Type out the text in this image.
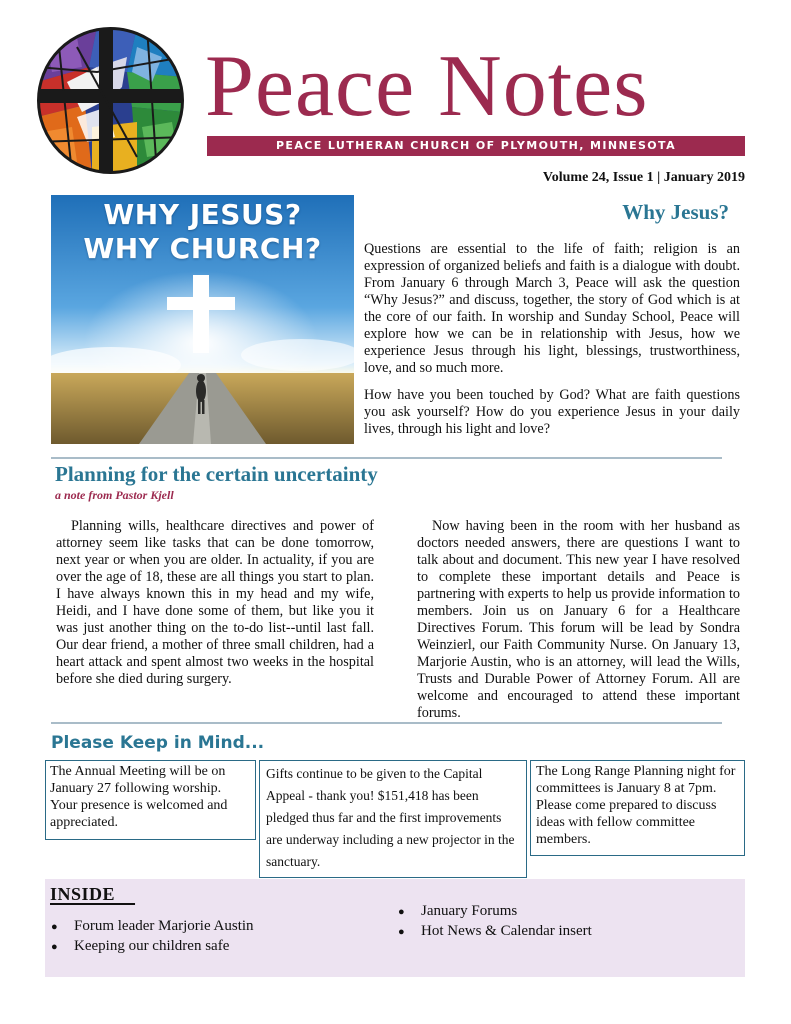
Peace Notes
PEACE LUTHERAN CHURCH OF PLYMOUTH, MINNESOTA
Volume 24, Issue 1 | January 2019
WHY JESUS?
WHY CHURCH?
Why Jesus?
Questions are essential to the life of faith; religion is an expression of organized beliefs and faith is a dialogue with doubt. From January 6 through March 3, Peace will ask the question “Why Jesus?” and discuss, together, the story of God which is at the core of our faith. In worship and Sunday School, Peace will explore how we can be in relationship with Jesus, how we experience Jesus through his light, blessings, trustworthiness, love, and so much more.
How have you been touched by God? What are faith questions you ask yourself? How do you experience Jesus in your daily lives, through his light and love?
Planning for the certain uncertainty
a note from Pastor Kjell
Planning wills, healthcare directives and power of attorney seem like tasks that can be done tomorrow, next year or when you are older. In actuality, if you are over the age of 18, these are all things you start to plan. I have always known this in my head and my wife, Heidi, and I have done some of them, but like you it was just another thing on the to-do list--until last fall. Our dear friend, a mother of three small children, had a heart attack and spent almost two weeks in the hospital before she died during surgery.
Now having been in the room with her husband as doctors needed answers, there are questions I want to talk about and document. This new year I have resolved to complete these important details and Peace is partnering with experts to help us provide information to members. Join us on January 6 for a Healthcare Directives Forum. This forum will be lead by Sondra Weinzierl, our Faith Community Nurse. On January 13, Marjorie Austin, who is an attorney, will lead the Wills, Trusts and Durable Power of Attorney Forum. All are welcome and encouraged to attend these important forums.
Please Keep in Mind...
The Annual Meeting will be on January 27 following worship. Your presence is welcomed and appreciated.
Gifts continue to be given to the Capital Appeal - thank you! $151,418 has been pledged thus far and the first improvements are underway including a new projector in the sanctuary.
The Long Range Planning night for committees is January 8 at 7pm. Please come prepared to discuss ideas with fellow committee members.
INSIDE
● Forum leader Marjorie Austin
● Keeping our children safe
● January Forums
● Hot News & Calendar insert
